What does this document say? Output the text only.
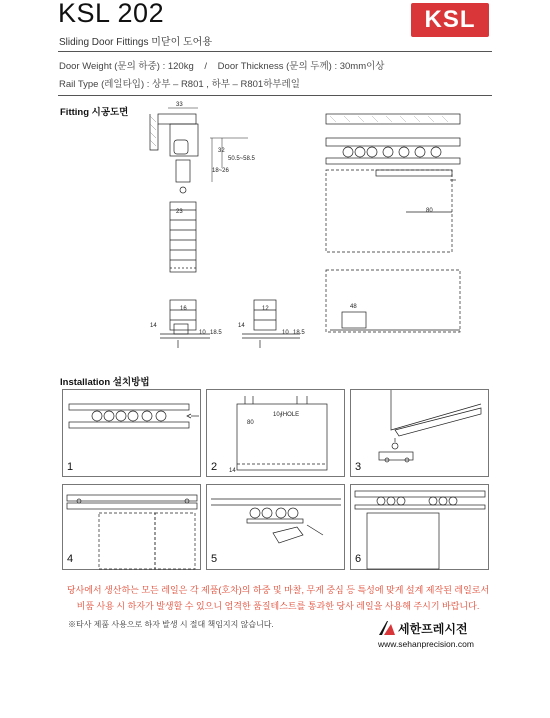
KSL 202	KSL
Sliding Door Fittings 미닫이 도어용
Door Weight (문의 하중) : 120kg / Door Thickness (문의 두께) : 30mm이상
Rail Type (레일타입) : 상부 – R801 , 하부 – R801하부레일
Fitting 시공도면
33
32
50.5~58.5
18~26
23
16
14
10 18.5
12
14
10 18.5
80
48
Installation 설치방법
1
10∮HOLE
80
14
2	3
4	5	6
당사에서 생산하는 모든 레일은 각 제품(호차)의 하중 및 마찰, 무게 중심 등 특성에 맞게 설계 제작된 레일로서
비품 사용 시 하자가 발생할 수 있으니 엄격한 품질테스트를 통과한 당사 레일을 사용해 주시기 바랍니다.
※타사 제품 사용으로 하자 발생 시 절대 책임지지 않습니다.	세한프레시전
www.sehanprecision.com
